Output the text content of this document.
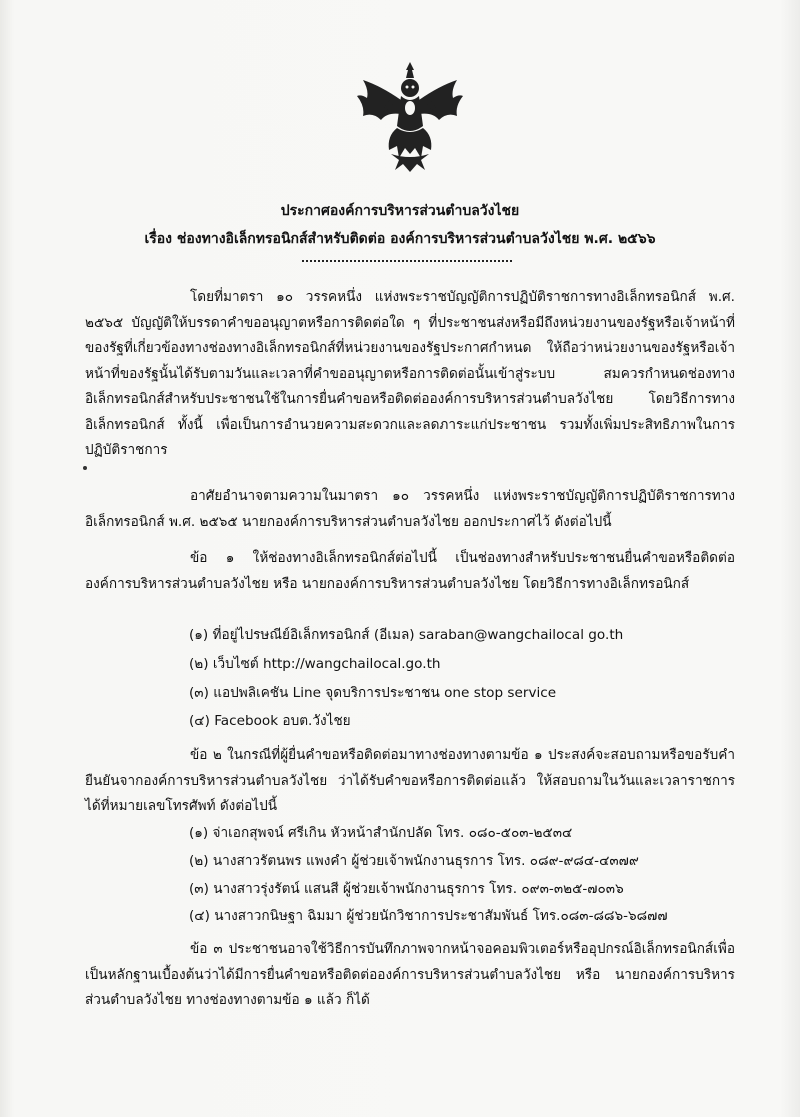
ประกาศองค์การบริหารส่วนตำบลวังไชย
เรื่อง ช่องทางอิเล็กทรอนิกส์สำหรับติดต่อ องค์การบริหารส่วนตำบลวังไชย พ.ศ. ๒๕๖๖
โดยที่มาตรา ๑๐ วรรคหนึ่ง แห่งพระราชบัญญัติการปฏิบัติราชการทางอิเล็กทรอนิกส์ พ.ศ. ๒๕๖๕ บัญญัติให้บรรดาคำขออนุญาตหรือการติดต่อใด ๆ ที่ประชาชนส่งหรือมีถึงหน่วยงานของรัฐหรือเจ้าหน้าที่ของรัฐที่เกี่ยวข้องทางช่องทางอิเล็กทรอนิกส์ที่หน่วยงานของรัฐประกาศกำหนด ให้ถือว่าหน่วยงานของรัฐหรือเจ้าหน้าที่ของรัฐนั้นได้รับตามวันและเวลาที่คำขออนุญาตหรือการติดต่อนั้นเข้าสู่ระบบ สมควรกำหนดช่องทางอิเล็กทรอนิกส์สำหรับประชาชนใช้ในการยื่นคำขอหรือติดต่อองค์การบริหารส่วนตำบลวังไชย โดยวิธีการทางอิเล็กทรอนิกส์ ทั้งนี้ เพื่อเป็นการอำนวยความสะดวกและลดภาระแก่ประชาชน รวมทั้งเพิ่มประสิทธิภาพในการปฏิบัติราชการ
อาศัยอำนาจตามความในมาตรา ๑๐ วรรคหนึ่ง แห่งพระราชบัญญัติการปฏิบัติราชการทางอิเล็กทรอนิกส์ พ.ศ. ๒๕๖๕ นายกองค์การบริหารส่วนตำบลวังไชย ออกประกาศไว้ ดังต่อไปนี้
ข้อ ๑ ให้ช่องทางอิเล็กทรอนิกส์ต่อไปนี้ เป็นช่องทางสำหรับประชาชนยื่นคำขอหรือติดต่อ องค์การบริหารส่วนตำบลวังไชย หรือ นายกองค์การบริหารส่วนตำบลวังไชย โดยวิธีการทางอิเล็กทรอนิกส์
(๑) ที่อยู่ไปรษณีย์อิเล็กทรอนิกส์ (อีเมล) saraban@wangchailocal go.th
(๒) เว็บไซต์ http://wangchailocal.go.th
(๓) แอปพลิเคชัน Line จุดบริการประชาชน one stop service
(๔) Facebook อบต.วังไชย
ข้อ ๒ ในกรณีที่ผู้ยื่นคำขอหรือติดต่อมาทางช่องทางตามข้อ ๑ ประสงค์จะสอบถามหรือขอรับคำยืนยันจากองค์การบริหารส่วนตำบลวังไชย ว่าได้รับคำขอหรือการติดต่อแล้ว ให้สอบถามในวันและเวลาราชการได้ที่หมายเลขโทรศัพท์ ดังต่อไปนี้
(๑) จ่าเอกสุพจน์ ศรีเกิน หัวหน้าสำนักปลัด โทร. ๐๘๐-๕๐๓-๒๕๓๔
(๒) นางสาวรัตนพร แพงคำ ผู้ช่วยเจ้าพนักงานธุรการ โทร. ๐๘๙-๙๘๔-๔๓๗๙
(๓) นางสาวรุ่งรัตน์ แสนสี ผู้ช่วยเจ้าพนักงานธุรการ โทร. ๐๙๓-๓๒๕-๗๐๓๖
(๔) นางสาวกนิษฐา ฉิมมา ผู้ช่วยนักวิชาการประชาสัมพันธ์ โทร.๐๘๓-๘๘๖-๖๘๗๗
ข้อ ๓ ประชาชนอาจใช้วิธีการบันทึกภาพจากหน้าจอคอมพิวเตอร์หรืออุปกรณ์อิเล็กทรอนิกส์เพื่อเป็นหลักฐานเบื้องต้นว่าได้มีการยื่นคำขอหรือติดต่อองค์การบริหารส่วนตำบลวังไชย หรือ นายกองค์การบริหารส่วนตำบลวังไชย ทางช่องทางตามข้อ ๑ แล้ว ก็ได้
